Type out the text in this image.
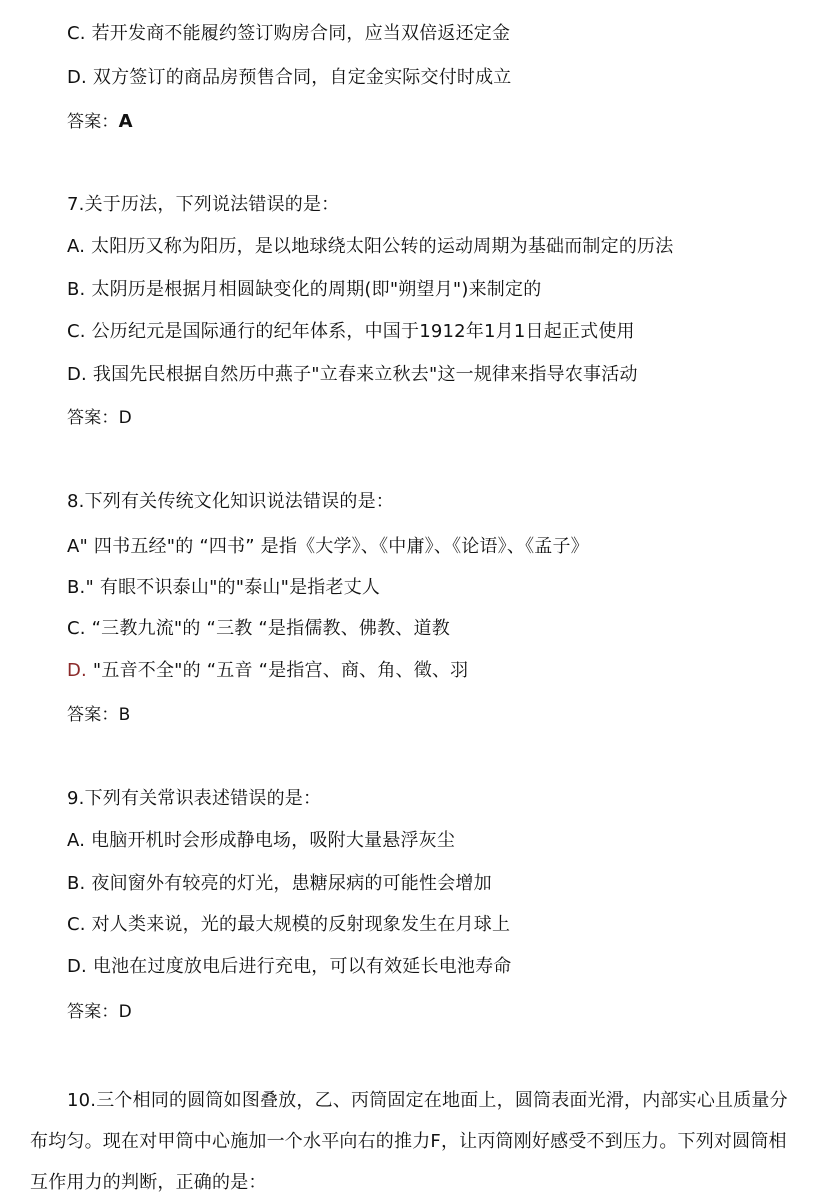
C. 若开发商不能履约签订购房合同，应当双倍返还定金
D. 双方签订的商品房预售合同，自定金实际交付时成立
答案：A
7.关于历法，下列说法错误的是：
A. 太阳历又称为阳历，是以地球绕太阳公转的运动周期为基础而制定的历法
B. 太阴历是根据月相圆缺变化的周期(即"朔望月")来制定的
C. 公历纪元是国际通行的纪年体系，中国于1912年1月1日起正式使用
D. 我国先民根据自然历中燕子"立春来立秋去"这一规律来指导农事活动
答案：D
8.下列有关传统文化知识说法错误的是：
A" 四书五经"的 “四书” 是指《大学》、《中庸》、《论语》、《孟子》
B." 有眼不识泰山"的"泰山"是指老丈人
C. “三教九流"的 “三教 “是指儒教、佛教、道教
D. "五音不全"的 “五音 “是指宫、商、角、徵、羽
答案：B
9.下列有关常识表述错误的是：
A. 电脑开机时会形成静电场，吸附大量悬浮灰尘
B. 夜间窗外有较亮的灯光，患糖尿病的可能性会增加
C. 对人类来说，光的最大规模的反射现象发生在月球上
D. 电池在过度放电后进行充电，可以有效延长电池寿命
答案：D
10.三个相同的圆筒如图叠放，乙、丙筒固定在地面上，圆筒表面光滑，内部实心且质量分布均匀。现在对甲筒中心施加一个水平向右的推力F，让丙筒刚好感受不到压力。下列对圆筒相互作用力的判断，正确的是：
